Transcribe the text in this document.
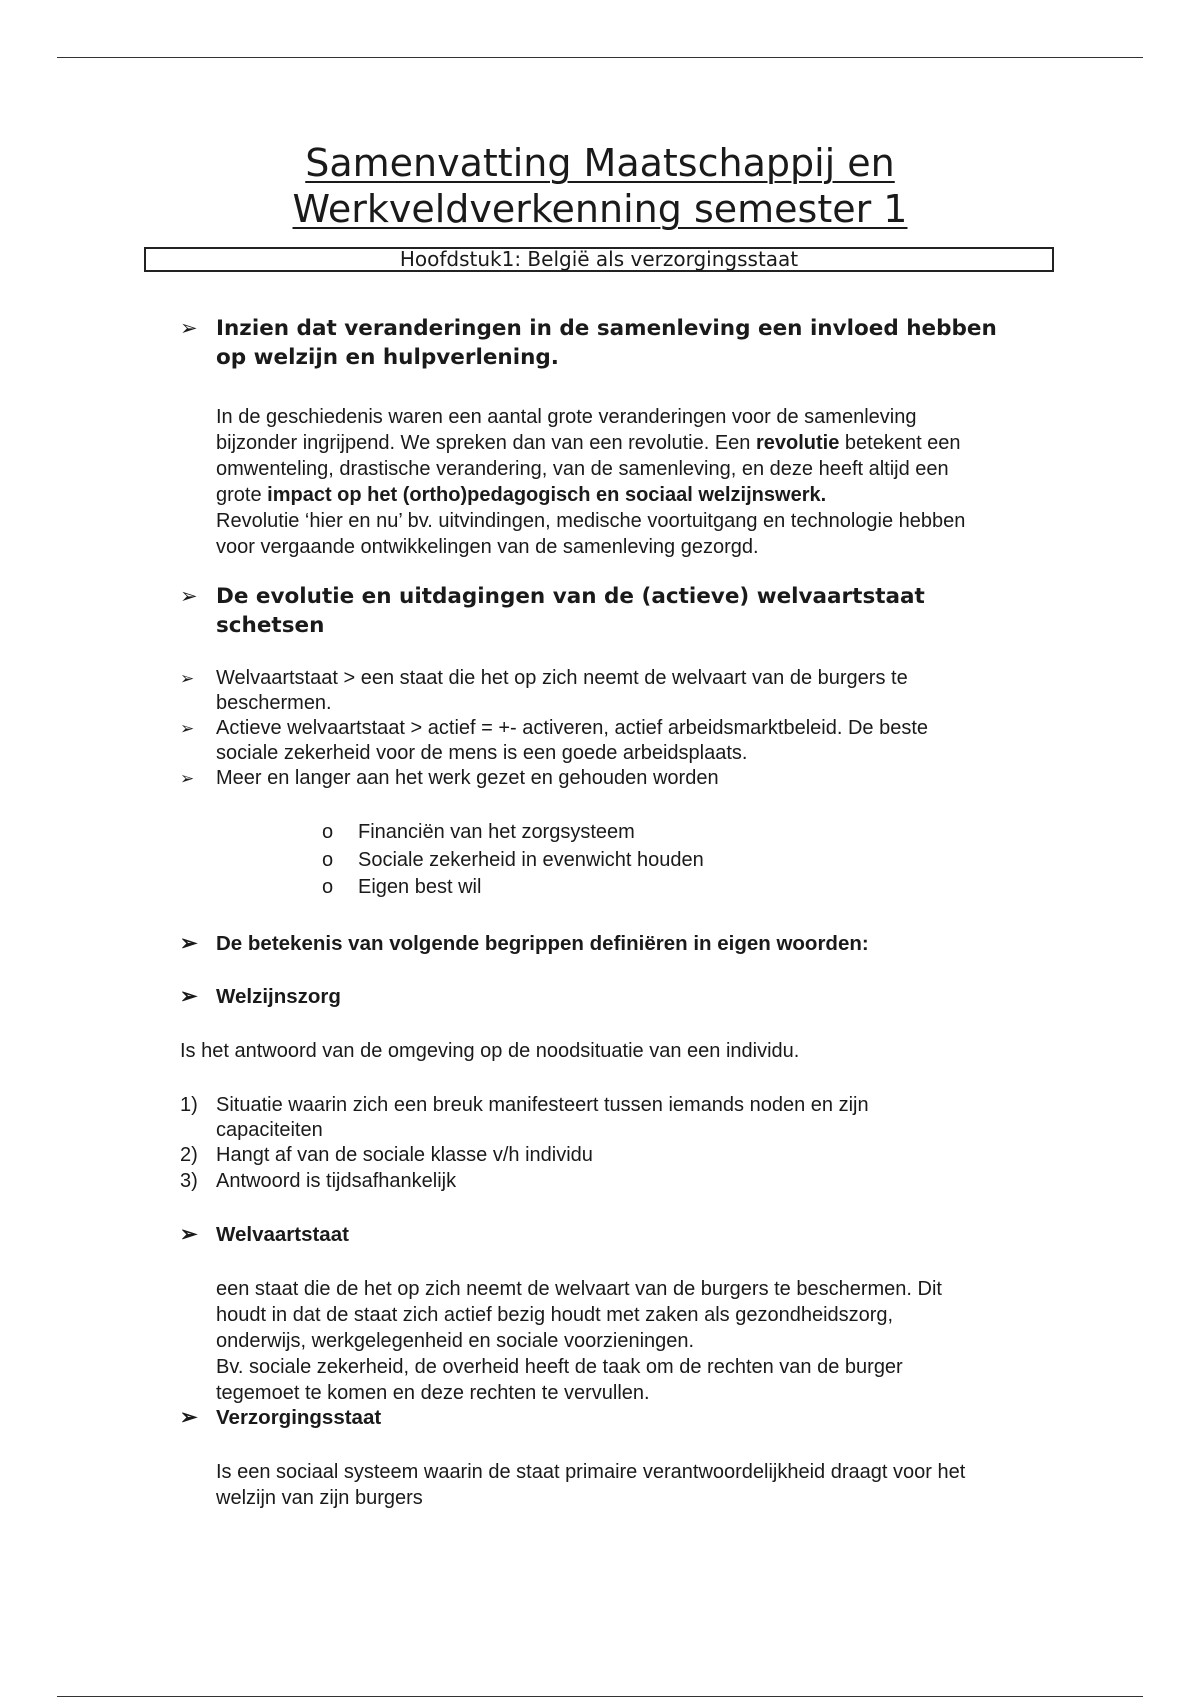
Samenvatting Maatschappij en
Werkveldverkenning semester 1
Hoofdstuk1: België als verzorgingsstaat
➢ Inzien dat veranderingen in de samenleving een invloed hebben
op welzijn en hulpverlening.
In de geschiedenis waren een aantal grote veranderingen voor de samenleving
bijzonder ingrijpend. We spreken dan van een revolutie. Een revolutie betekent een
omwenteling, drastische verandering, van de samenleving, en deze heeft altijd een
grote impact op het (ortho)pedagogisch en sociaal welzijnswerk.
Revolutie ‘hier en nu’ bv. uitvindingen, medische voortuitgang en technologie hebben
voor vergaande ontwikkelingen van de samenleving gezorgd.
➢ De evolutie en uitdagingen van de (actieve) welvaartstaat
schetsen
➢ Welvaartstaat > een staat die het op zich neemt de welvaart van de burgers te
beschermen.
➢ Actieve welvaartstaat > actief = +- activeren, actief arbeidsmarktbeleid. De beste
sociale zekerheid voor de mens is een goede arbeidsplaats.
➢ Meer en langer aan het werk gezet en gehouden worden
o Financiën van het zorgsysteem
o Sociale zekerheid in evenwicht houden
o Eigen best wil
➢ De betekenis van volgende begrippen definiëren in eigen woorden:
➢ Welzijnszorg
Is het antwoord van de omgeving op de noodsituatie van een individu.
1) Situatie waarin zich een breuk manifesteert tussen iemands noden en zijn
capaciteiten
2) Hangt af van de sociale klasse v/h individu
3) Antwoord is tijdsafhankelijk
➢ Welvaartstaat
een staat die de het op zich neemt de welvaart van de burgers te beschermen. Dit
houdt in dat de staat zich actief bezig houdt met zaken als gezondheidszorg,
onderwijs, werkgelegenheid en sociale voorzieningen.
Bv. sociale zekerheid, de overheid heeft de taak om de rechten van de burger
tegemoet te komen en deze rechten te vervullen.
➢ Verzorgingsstaat
Is een sociaal systeem waarin de staat primaire verantwoordelijkheid draagt voor het
welzijn van zijn burgers
